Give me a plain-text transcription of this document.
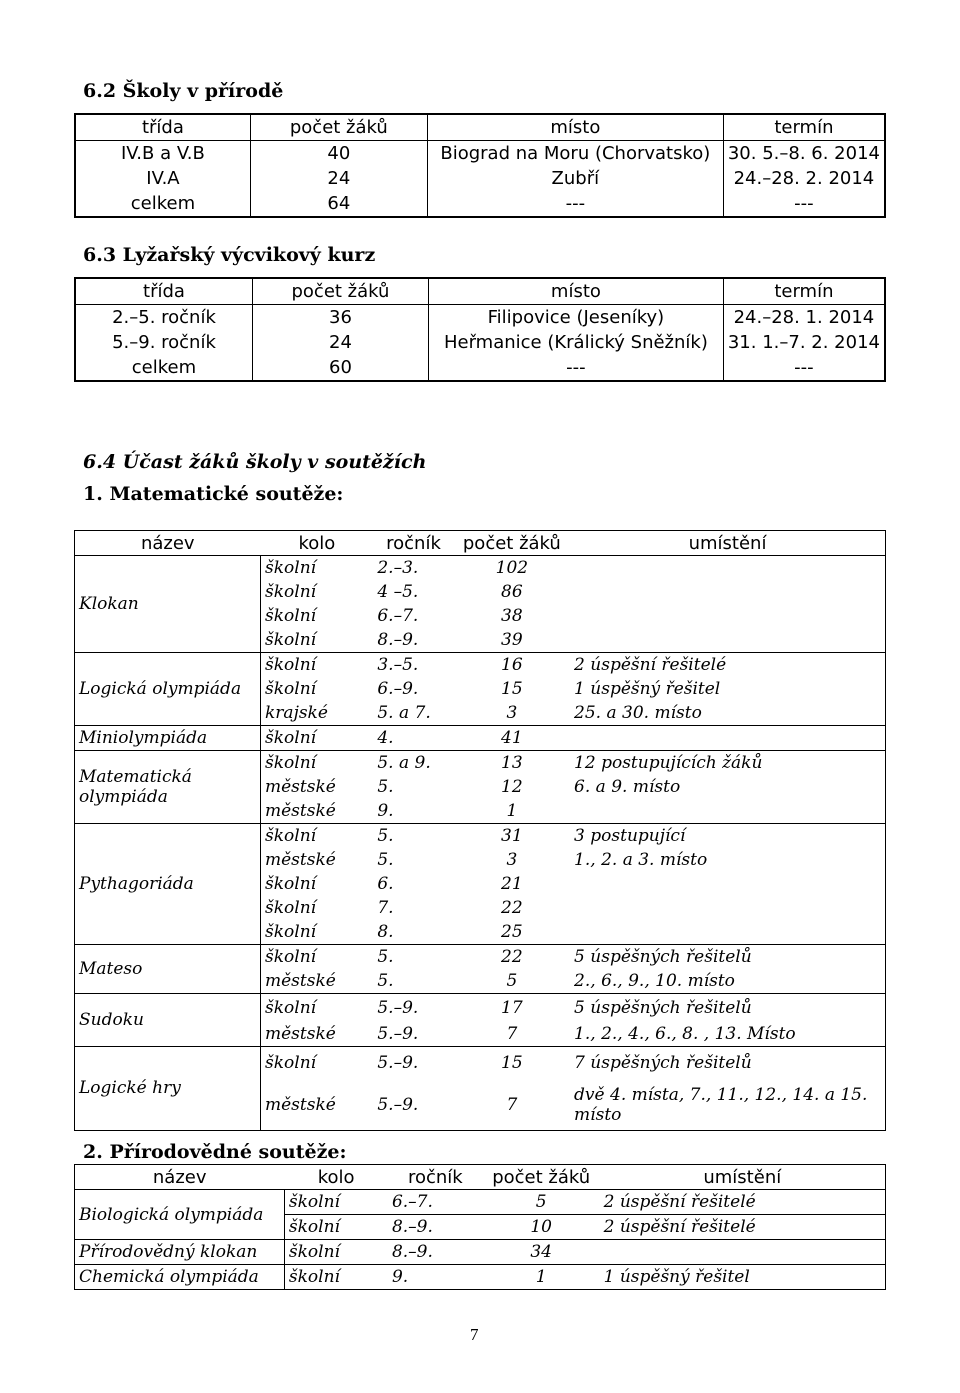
6.2 Školy v přírodě
třída	počet žáků	místo	termín
IV.B a V.B	40	Biograd na Moru (Chorvatsko)	30. 5.–8. 6. 2014
IV.A	24	Zubří	24.–28. 2. 2014
celkem	64	---	---
6.3 Lyžařský výcvikový kurz
třída	počet žáků	místo	termín
2.–5. ročník	36	Filipovice (Jeseníky)	24.–28. 1. 2014
5.–9. ročník	24	Heřmanice (Králický Sněžník)	31. 1.–7. 2. 2014
celkem	60	---	---
6.4 Účast žáků školy v soutěžích
1. Matematické soutěže:
název	kolo	ročník	počet žáků	umístění
Klokan	školní	2.–3.	102	
	školní	4 –5.	86	
	školní	6.–7.	38	
	školní	8.–9.	39	
Logická olympiáda	školní	3.–5.	16	2 úspěšní řešitelé
	školní	6.–9.	15	1 úspěšný řešitel
	krajské	5. a 7.	3	25. a 30. místo
Miniolympiáda	školní	4.	41	
Matematická olympiáda	školní	5. a 9.	13	12 postupujících žáků
	městské	5.	12	6. a 9. místo
	městské	9.	1	
Pythagoriáda	školní	5.	31	3 postupující
	městské	5.	3	1., 2. a 3. místo
	školní	6.	21	
	školní	7.	22	
	školní	8.	25	
Mateso	školní	5.	22	5 úspěšných řešitelů
	městské	5.	5	2., 6., 9., 10. místo
Sudoku	školní	5.–9.	17	5 úspěšných řešitelů
	městské	5.–9.	7	1., 2., 4., 6., 8. , 13. Místo
Logické hry	školní	5.–9.	15	7 úspěšných řešitelů
	městské	5.–9.	7	dvě 4. místa, 7., 11., 12., 14. a 15. místo
2. Přírodovědné soutěže:
název	kolo	ročník	počet žáků	umístění
Biologická olympiáda	školní	6.–7.	5	2 úspěšní řešitelé
	školní	8.–9.	10	2 úspěšní řešitelé
Přírodovědný klokan	školní	8.–9.	34	
Chemická olympiáda	školní	9.	1	1 úspěšný řešitel
7
